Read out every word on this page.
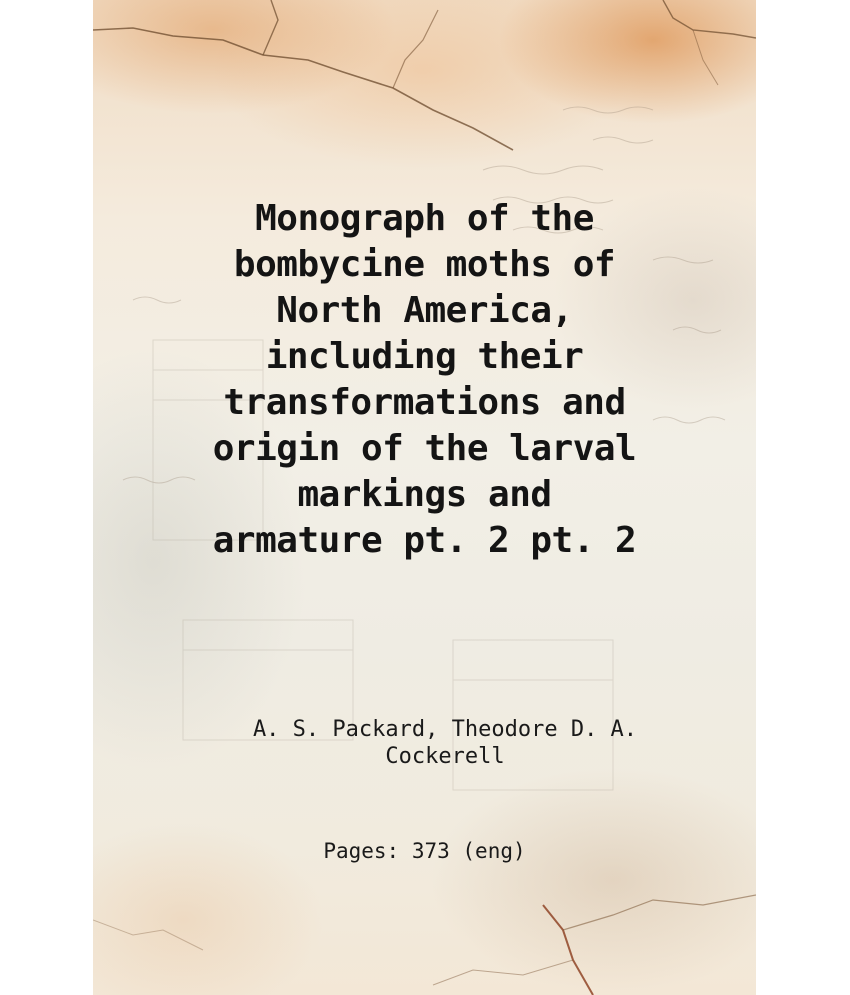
Monograph of the
bombycine moths of
North America,
including their
transformations and
origin of the larval
markings and
armature pt. 2 pt. 2

A. S. Packard, Theodore D. A.
Cockerell

Pages: 373 (eng)
